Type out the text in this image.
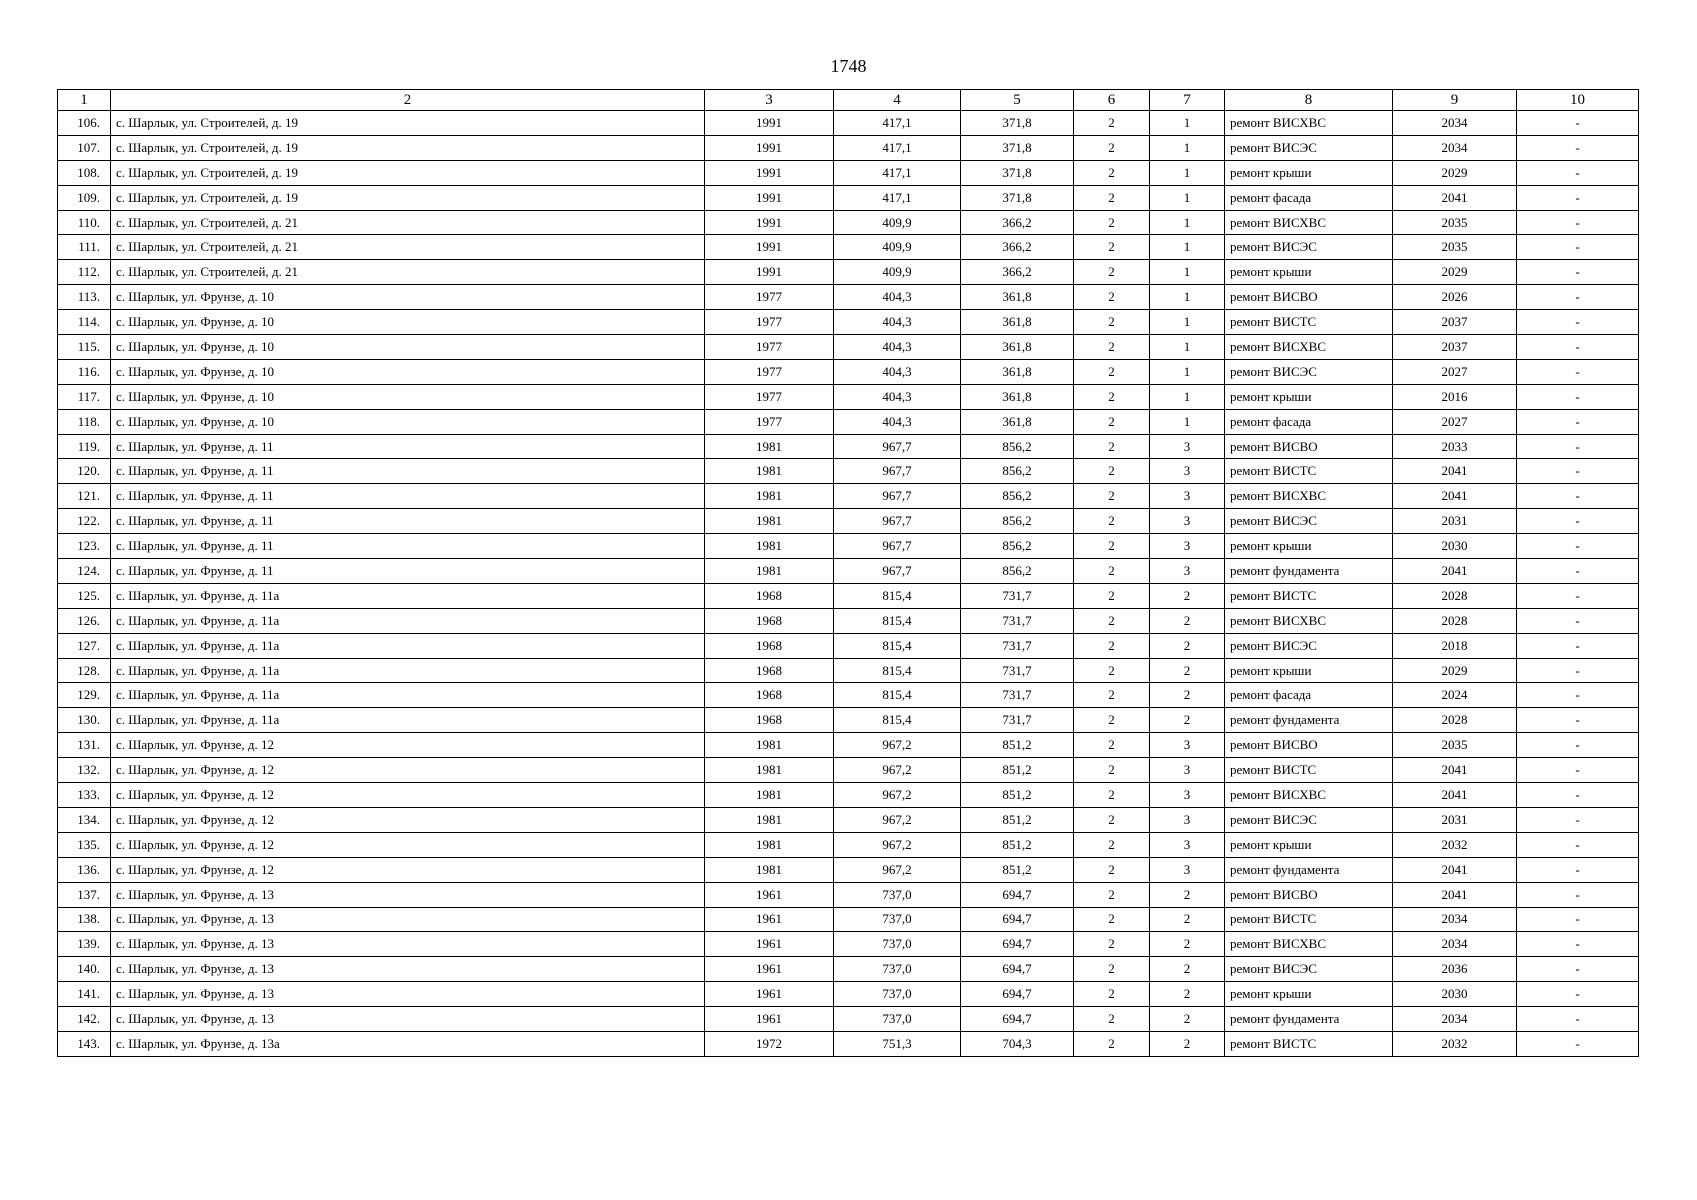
1748
1	2	3	4	5	6	7	8	9	10
106.	с. Шарлык, ул. Строителей, д. 19	1991	417,1	371,8	2	1	ремонт ВИСХВС	2034	-
107.	с. Шарлык, ул. Строителей, д. 19	1991	417,1	371,8	2	1	ремонт ВИСЭС	2034	-
108.	с. Шарлык, ул. Строителей, д. 19	1991	417,1	371,8	2	1	ремонт крыши	2029	-
109.	с. Шарлык, ул. Строителей, д. 19	1991	417,1	371,8	2	1	ремонт фасада	2041	-
110.	с. Шарлык, ул. Строителей, д. 21	1991	409,9	366,2	2	1	ремонт ВИСХВС	2035	-
111.	с. Шарлык, ул. Строителей, д. 21	1991	409,9	366,2	2	1	ремонт ВИСЭС	2035	-
112.	с. Шарлык, ул. Строителей, д. 21	1991	409,9	366,2	2	1	ремонт крыши	2029	-
113.	с. Шарлык, ул. Фрунзе, д. 10	1977	404,3	361,8	2	1	ремонт ВИСВО	2026	-
114.	с. Шарлык, ул. Фрунзе, д. 10	1977	404,3	361,8	2	1	ремонт ВИСТС	2037	-
115.	с. Шарлык, ул. Фрунзе, д. 10	1977	404,3	361,8	2	1	ремонт ВИСХВС	2037	-
116.	с. Шарлык, ул. Фрунзе, д. 10	1977	404,3	361,8	2	1	ремонт ВИСЭС	2027	-
117.	с. Шарлык, ул. Фрунзе, д. 10	1977	404,3	361,8	2	1	ремонт крыши	2016	-
118.	с. Шарлык, ул. Фрунзе, д. 10	1977	404,3	361,8	2	1	ремонт фасада	2027	-
119.	с. Шарлык, ул. Фрунзе, д. 11	1981	967,7	856,2	2	3	ремонт ВИСВО	2033	-
120.	с. Шарлык, ул. Фрунзе, д. 11	1981	967,7	856,2	2	3	ремонт ВИСТС	2041	-
121.	с. Шарлык, ул. Фрунзе, д. 11	1981	967,7	856,2	2	3	ремонт ВИСХВС	2041	-
122.	с. Шарлык, ул. Фрунзе, д. 11	1981	967,7	856,2	2	3	ремонт ВИСЭС	2031	-
123.	с. Шарлык, ул. Фрунзе, д. 11	1981	967,7	856,2	2	3	ремонт крыши	2030	-
124.	с. Шарлык, ул. Фрунзе, д. 11	1981	967,7	856,2	2	3	ремонт фундамента	2041	-
125.	с. Шарлык, ул. Фрунзе, д. 11а	1968	815,4	731,7	2	2	ремонт ВИСТС	2028	-
126.	с. Шарлык, ул. Фрунзе, д. 11а	1968	815,4	731,7	2	2	ремонт ВИСХВС	2028	-
127.	с. Шарлык, ул. Фрунзе, д. 11а	1968	815,4	731,7	2	2	ремонт ВИСЭС	2018	-
128.	с. Шарлык, ул. Фрунзе, д. 11а	1968	815,4	731,7	2	2	ремонт крыши	2029	-
129.	с. Шарлык, ул. Фрунзе, д. 11а	1968	815,4	731,7	2	2	ремонт фасада	2024	-
130.	с. Шарлык, ул. Фрунзе, д. 11а	1968	815,4	731,7	2	2	ремонт фундамента	2028	-
131.	с. Шарлык, ул. Фрунзе, д. 12	1981	967,2	851,2	2	3	ремонт ВИСВО	2035	-
132.	с. Шарлык, ул. Фрунзе, д. 12	1981	967,2	851,2	2	3	ремонт ВИСТС	2041	-
133.	с. Шарлык, ул. Фрунзе, д. 12	1981	967,2	851,2	2	3	ремонт ВИСХВС	2041	-
134.	с. Шарлык, ул. Фрунзе, д. 12	1981	967,2	851,2	2	3	ремонт ВИСЭС	2031	-
135.	с. Шарлык, ул. Фрунзе, д. 12	1981	967,2	851,2	2	3	ремонт крыши	2032	-
136.	с. Шарлык, ул. Фрунзе, д. 12	1981	967,2	851,2	2	3	ремонт фундамента	2041	-
137.	с. Шарлык, ул. Фрунзе, д. 13	1961	737,0	694,7	2	2	ремонт ВИСВО	2041	-
138.	с. Шарлык, ул. Фрунзе, д. 13	1961	737,0	694,7	2	2	ремонт ВИСТС	2034	-
139.	с. Шарлык, ул. Фрунзе, д. 13	1961	737,0	694,7	2	2	ремонт ВИСХВС	2034	-
140.	с. Шарлык, ул. Фрунзе, д. 13	1961	737,0	694,7	2	2	ремонт ВИСЭС	2036	-
141.	с. Шарлык, ул. Фрунзе, д. 13	1961	737,0	694,7	2	2	ремонт крыши	2030	-
142.	с. Шарлык, ул. Фрунзе, д. 13	1961	737,0	694,7	2	2	ремонт фундамента	2034	-
143.	с. Шарлык, ул. Фрунзе, д. 13а	1972	751,3	704,3	2	2	ремонт ВИСТС	2032	-
